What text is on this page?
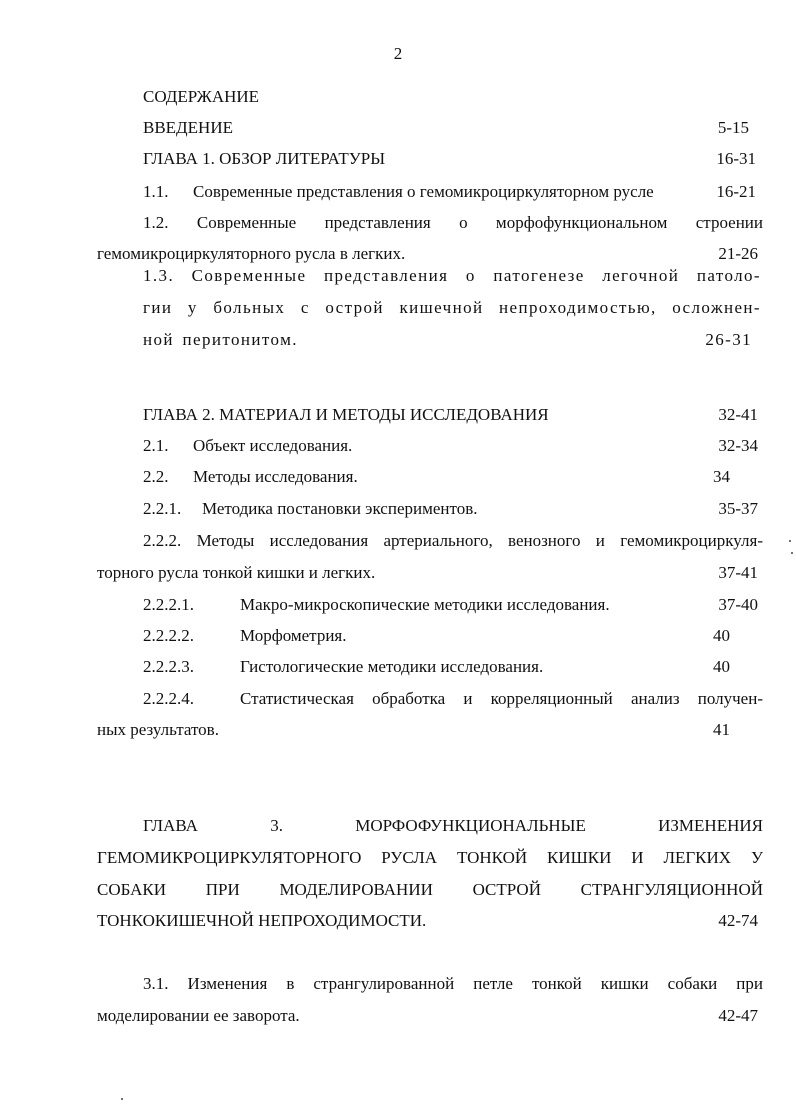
2
СОДЕРЖАНИЕ
ВВЕДЕНИЕ	5-15
ГЛАВА 1. ОБЗОР ЛИТЕРАТУРЫ	16-31
1.1. Современные представления о гемомикроциркуляторном русле	16-21
1.2. Современные представления о морфофункциональном строении
гемомикроциркуляторного русла в легких.	21-26
1.3. Современные представления о патогенезе легочной патоло-
гии у больных с острой кишечной непроходимостью, осложнен-
ной перитонитом.	26-31
ГЛАВА 2. МАТЕРИАЛ И МЕТОДЫ ИССЛЕДОВАНИЯ	32-41
2.1. Объект исследования.	32-34
2.2. Методы исследования.	34
2.2.1. Методика постановки экспериментов.	35-37
2.2.2. Методы исследования артериального, венозного и гемомикроциркуля-
торного русла тонкой кишки и легких.	37-41
2.2.2.1.	Макро-микроскопические методики исследования.	37-40
2.2.2.2.	Морфометрия.	40
2.2.2.3.	Гистологические методики исследования.	40
2.2.2.4.	Статистическая обработка и корреляционный анализ получен-
ных результатов.	41
ГЛАВА	3.	МОРФОФУНКЦИОНАЛЬНЫЕ	ИЗМЕНЕНИЯ
ГЕМОМИКРОЦИРКУЛЯТОРНОГО РУСЛА ТОНКОЙ КИШКИ И ЛЕГКИХ У
СОБАКИ ПРИ МОДЕЛИРОВАНИИ ОСТРОЙ СТРАНГУЛЯЦИОННОЙ
ТОНКОКИШЕЧНОЙ НЕПРОХОДИМОСТИ.	42-74
3.1. Изменения в странгулированной петле тонкой кишки собаки при
моделировании ее заворота.	42-47
